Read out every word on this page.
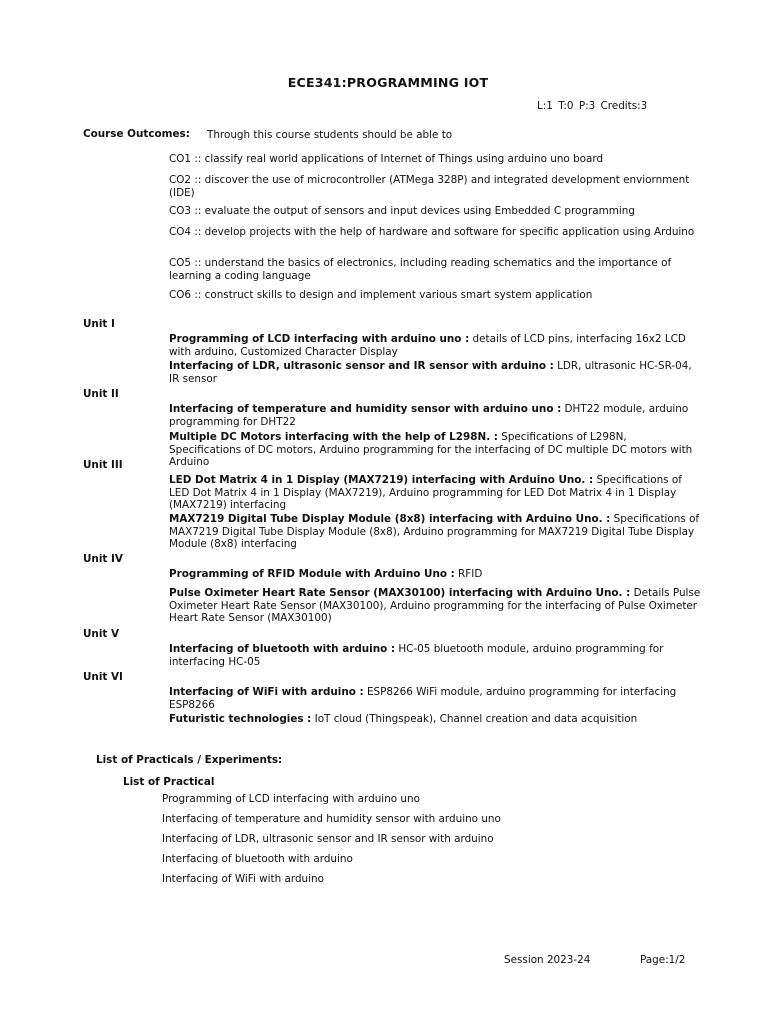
ECE341:PROGRAMMING IOT
L:1 T:0 P:3 Credits:3
Course Outcomes: Through this course students should be able to
CO1 :: classify real world applications of Internet of Things using arduino uno board
CO2 :: discover the use of microcontroller (ATMega 328P) and integrated development enviornment (IDE)
CO3 :: evaluate the output of sensors and input devices using Embedded C programming
CO4 :: develop projects with the help of hardware and software for specific application using Arduino
CO5 :: understand the basics of electronics, including reading schematics and the importance of learning a coding language
CO6 :: construct skills to design and implement various smart system application
Unit I
Programming of LCD interfacing with arduino uno : details of LCD pins, interfacing 16x2 LCD with arduino, Customized Character Display
Interfacing of LDR, ultrasonic sensor and IR sensor with arduino : LDR, ultrasonic HC-SR-04, IR sensor
Unit II
Interfacing of temperature and humidity sensor with arduino uno : DHT22 module, arduino programming for DHT22
Multiple DC Motors interfacing with the help of L298N. : Specifications of L298N, Specifications of DC motors, Arduino programming for the interfacing of DC multiple DC motors with Arduino
Unit III
LED Dot Matrix 4 in 1 Display (MAX7219) interfacing with Arduino Uno. : Specifications of LED Dot Matrix 4 in 1 Display (MAX7219), Arduino programming for LED Dot Matrix 4 in 1 Display (MAX7219) interfacing
MAX7219 Digital Tube Display Module (8x8) interfacing with Arduino Uno. : Specifications of MAX7219 Digital Tube Display Module (8x8), Arduino programming for MAX7219 Digital Tube Display Module (8x8) interfacing
Unit IV
Programming of RFID Module with Arduino Uno : RFID
Pulse Oximeter Heart Rate Sensor (MAX30100) interfacing with Arduino Uno. : Details Pulse Oximeter Heart Rate Sensor (MAX30100), Arduino programming for the interfacing of Pulse Oximeter Heart Rate Sensor (MAX30100)
Unit V
Interfacing of bluetooth with arduino : HC-05 bluetooth module, arduino programming for interfacing HC-05
Unit VI
Interfacing of WiFi with arduino : ESP8266 WiFi module, arduino programming for interfacing ESP8266
Futuristic technologies : IoT cloud (Thingspeak), Channel creation and data acquisition
List of Practicals / Experiments:
List of Practical
Programming of LCD interfacing with arduino uno
Interfacing of temperature and humidity sensor with arduino uno
Interfacing of LDR, ultrasonic sensor and IR sensor with arduino
Interfacing of bluetooth with arduino
Interfacing of WiFi with arduino
Session 2023-24	Page:1/2
